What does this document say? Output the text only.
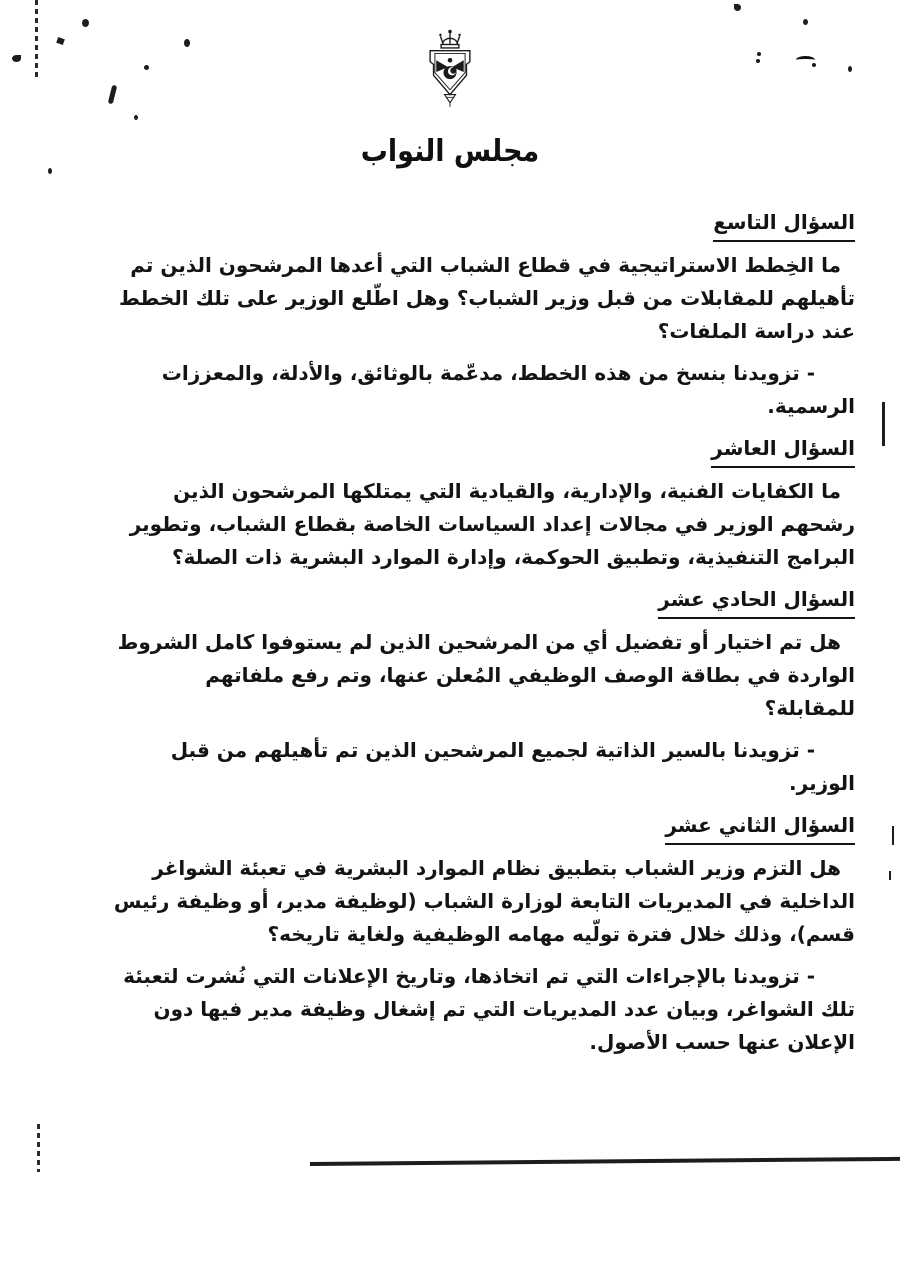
مجلس النواب
السؤال التاسع

ما الخِطط الاستراتيجية في قطاع الشباب التي أعدها المرشحون الذين تم تأهيلهم للمقابلات من قبل وزير الشباب؟ وهل اطّلع الوزير على تلك الخطط عند دراسة الملفات؟

- تزويدنا بنسخ من هذه الخطط، مدعّمة بالوثائق، والأدلة، والمعززات الرسمية.

السؤال العاشر

ما الكفايات الفنية، والإدارية، والقيادية التي يمتلكها المرشحون الذين رشحهم الوزير في مجالات إعداد السياسات الخاصة بقطاع الشباب، وتطوير البرامج التنفيذية، وتطبيق الحوكمة، وإدارة الموارد البشرية ذات الصلة؟

السؤال الحادي عشر

هل تم اختيار أو تفضيل أي من المرشحين الذين لم يستوفوا كامل الشروط الواردة في بطاقة الوصف الوظيفي المُعلن عنها، وتم رفع ملفاتهم للمقابلة؟

- تزويدنا بالسير الذاتية لجميع المرشحين الذين تم تأهيلهم من قبل الوزير.

السؤال الثاني عشر

هل التزم وزير الشباب بتطبيق نظام الموارد البشرية في تعبئة الشواغر الداخلية في المديريات التابعة لوزارة الشباب (لوظيفة مدير، أو وظيفة رئيس قسم)، وذلك خلال فترة تولّيه مهامه الوظيفية ولغاية تاريخه؟

- تزويدنا بالإجراءات التي تم اتخاذها، وتاريخ الإعلانات التي نُشرت لتعبئة تلك الشواغر، وبيان عدد المديريات التي تم إشغال وظيفة مدير فيها دون الإعلان عنها حسب الأصول.
